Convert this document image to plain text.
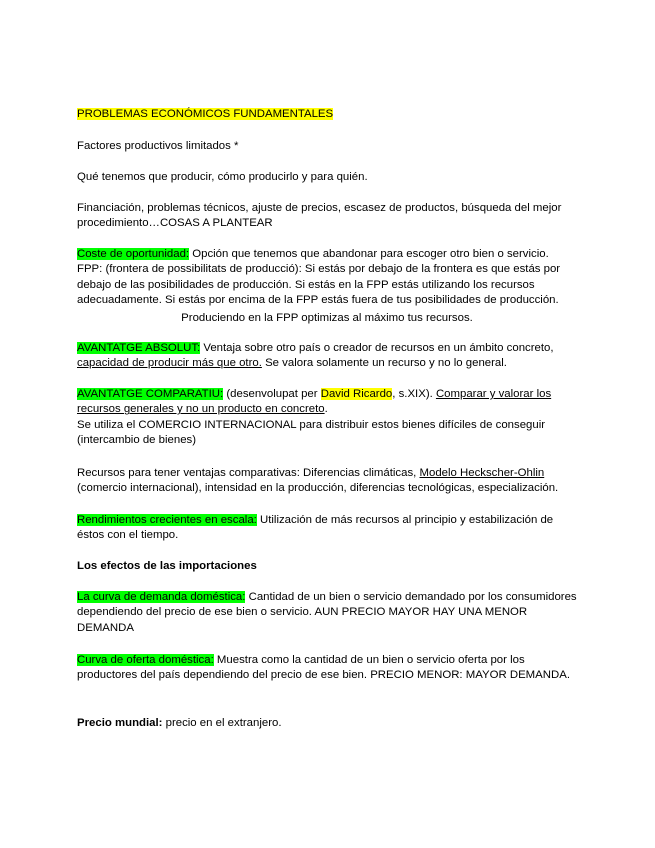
PROBLEMAS ECONÓMICOS FUNDAMENTALES

Factores productivos limitados *

Qué tenemos que producir, cómo producirlo y para quién.

Financiación, problemas técnicos, ajuste de precios, escasez de productos, búsqueda del mejor procedimiento…COSAS A PLANTEAR

Coste de oportunidad: Opción que tenemos que abandonar para escoger otro bien o servicio. FPP: (frontera de possibilitats de producció): Si estás por debajo de la frontera es que estás por debajo de las posibilidades de producción. Si estás en la FPP estás utilizando los recursos adecuadamente. Si estás por encima de la FPP estás fuera de tus posibilidades de producción.

Produciendo en la FPP optimizas al máximo tus recursos.

AVANTATGE ABSOLUT: Ventaja sobre otro país o creador de recursos en un ámbito concreto, capacidad de producir más que otro. Se valora solamente un recurso y no lo general.

AVANTATGE COMPARATIU: (desenvolupat per David Ricardo, s.XIX). Comparar y valorar los recursos generales y no un producto en concreto.

Se utiliza el COMERCIO INTERNACIONAL para distribuir estos bienes difíciles de conseguir (intercambio de bienes)

Recursos para tener ventajas comparativas: Diferencias climáticas, Modelo Heckscher-Ohlin (comercio internacional), intensidad en la producción, diferencias tecnológicas, especialización.

Rendimientos crecientes en escala: Utilización de más recursos al principio y estabilización de éstos con el tiempo.

Los efectos de las importaciones

La curva de demanda doméstica: Cantidad de un bien o servicio demandado por los consumidores dependiendo del precio de ese bien o servicio. AUN PRECIO MAYOR HAY UNA MENOR DEMANDA

Curva de oferta doméstica: Muestra como la cantidad de un bien o servicio oferta por los productores del país dependiendo del precio de ese bien. PRECIO MENOR: MAYOR DEMANDA.

Precio mundial: precio en el extranjero.
